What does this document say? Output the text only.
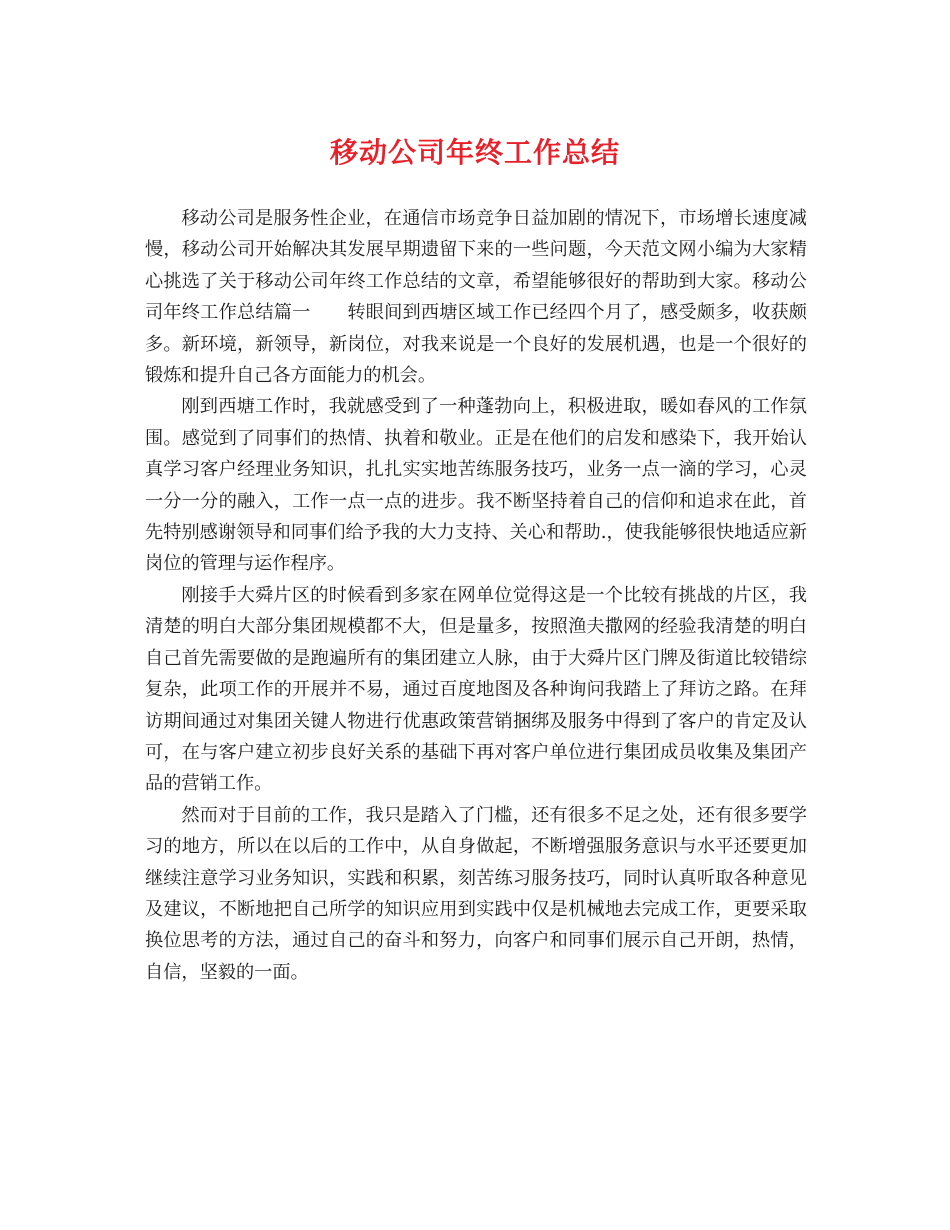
移动公司年终工作总结

移动公司是服务性企业，在通信市场竞争日益加剧的情况下，市场增长速度减慢，移动公司开始解决其发展早期遗留下来的一些问题，今天范文网小编为大家精心挑选了关于移动公司年终工作总结的文章，希望能够很好的帮助到大家。移动公司年终工作总结篇一　　转眼间到西塘区域工作已经四个月了，感受颇多，收获颇多。新环境，新领导，新岗位，对我来说是一个良好的发展机遇，也是一个很好的锻炼和提升自己各方面能力的机会。

刚到西塘工作时，我就感受到了一种蓬勃向上，积极进取，暖如春风的工作氛围。感觉到了同事们的热情、执着和敬业。正是在他们的启发和感染下，我开始认真学习客户经理业务知识，扎扎实实地苦练服务技巧，业务一点一滴的学习，心灵一分一分的融入，工作一点一点的进步。我不断坚持着自己的信仰和追求在此，首先特别感谢领导和同事们给予我的大力支持、关心和帮助.，使我能够很快地适应新岗位的管理与运作程序。

刚接手大舜片区的时候看到多家在网单位觉得这是一个比较有挑战的片区，我清楚的明白大部分集团规模都不大，但是量多，按照渔夫撒网的经验我清楚的明白自己首先需要做的是跑遍所有的集团建立人脉，由于大舜片区门牌及街道比较错综复杂，此项工作的开展并不易，通过百度地图及各种询问我踏上了拜访之路。在拜访期间通过对集团关键人物进行优惠政策营销捆绑及服务中得到了客户的肯定及认可，在与客户建立初步良好关系的基础下再对客户单位进行集团成员收集及集团产品的营销工作。

然而对于目前的工作，我只是踏入了门槛，还有很多不足之处，还有很多要学习的地方，所以在以后的工作中，从自身做起，不断增强服务意识与水平还要更加继续注意学习业务知识，实践和积累，刻苦练习服务技巧，同时认真听取各种意见及建议，不断地把自己所学的知识应用到实践中仅是机械地去完成工作，更要采取换位思考的方法，通过自己的奋斗和努力，向客户和同事们展示自己开朗，热情，自信，坚毅的一面。
